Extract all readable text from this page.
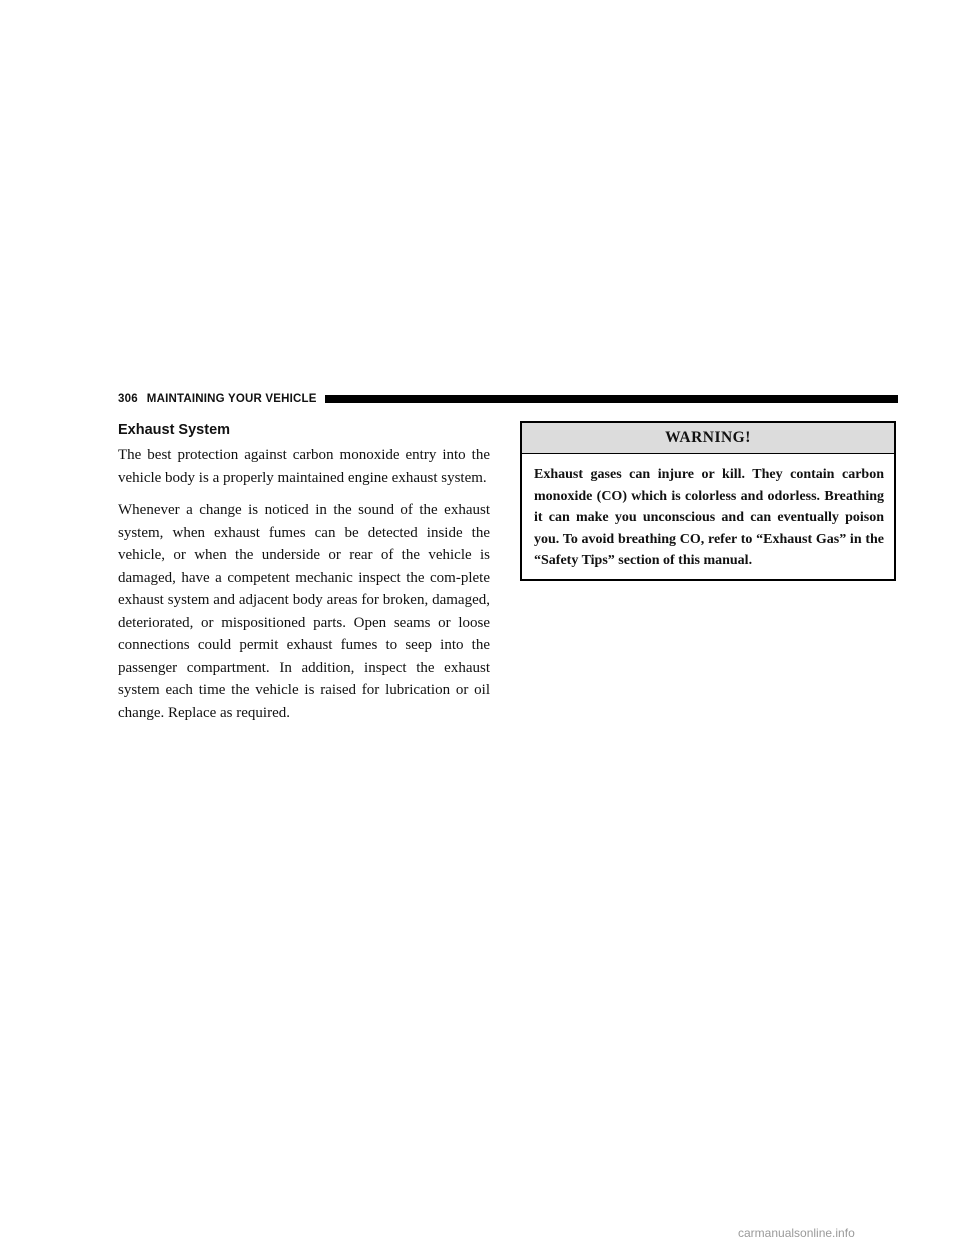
306 MAINTAINING YOUR VEHICLE
Exhaust System

The best protection against carbon monoxide entry into the vehicle body is a properly maintained engine exhaust system.

Whenever a change is noticed in the sound of the exhaust system, when exhaust fumes can be detected inside the vehicle, or when the underside or rear of the vehicle is damaged, have a competent mechanic inspect the com-plete exhaust system and adjacent body areas for broken, damaged, deteriorated, or mispositioned parts. Open seams or loose connections could permit exhaust fumes to seep into the passenger compartment. In addition, inspect the exhaust system each time the vehicle is raised for lubrication or oil change. Replace as required.

WARNING!
Exhaust gases can injure or kill. They contain carbon monoxide (CO) which is colorless and odorless. Breathing it can make you unconscious and can eventually poison you. To avoid breathing CO, refer to “Exhaust Gas” in the “Safety Tips” section of this manual.
carmanualsonline.info
